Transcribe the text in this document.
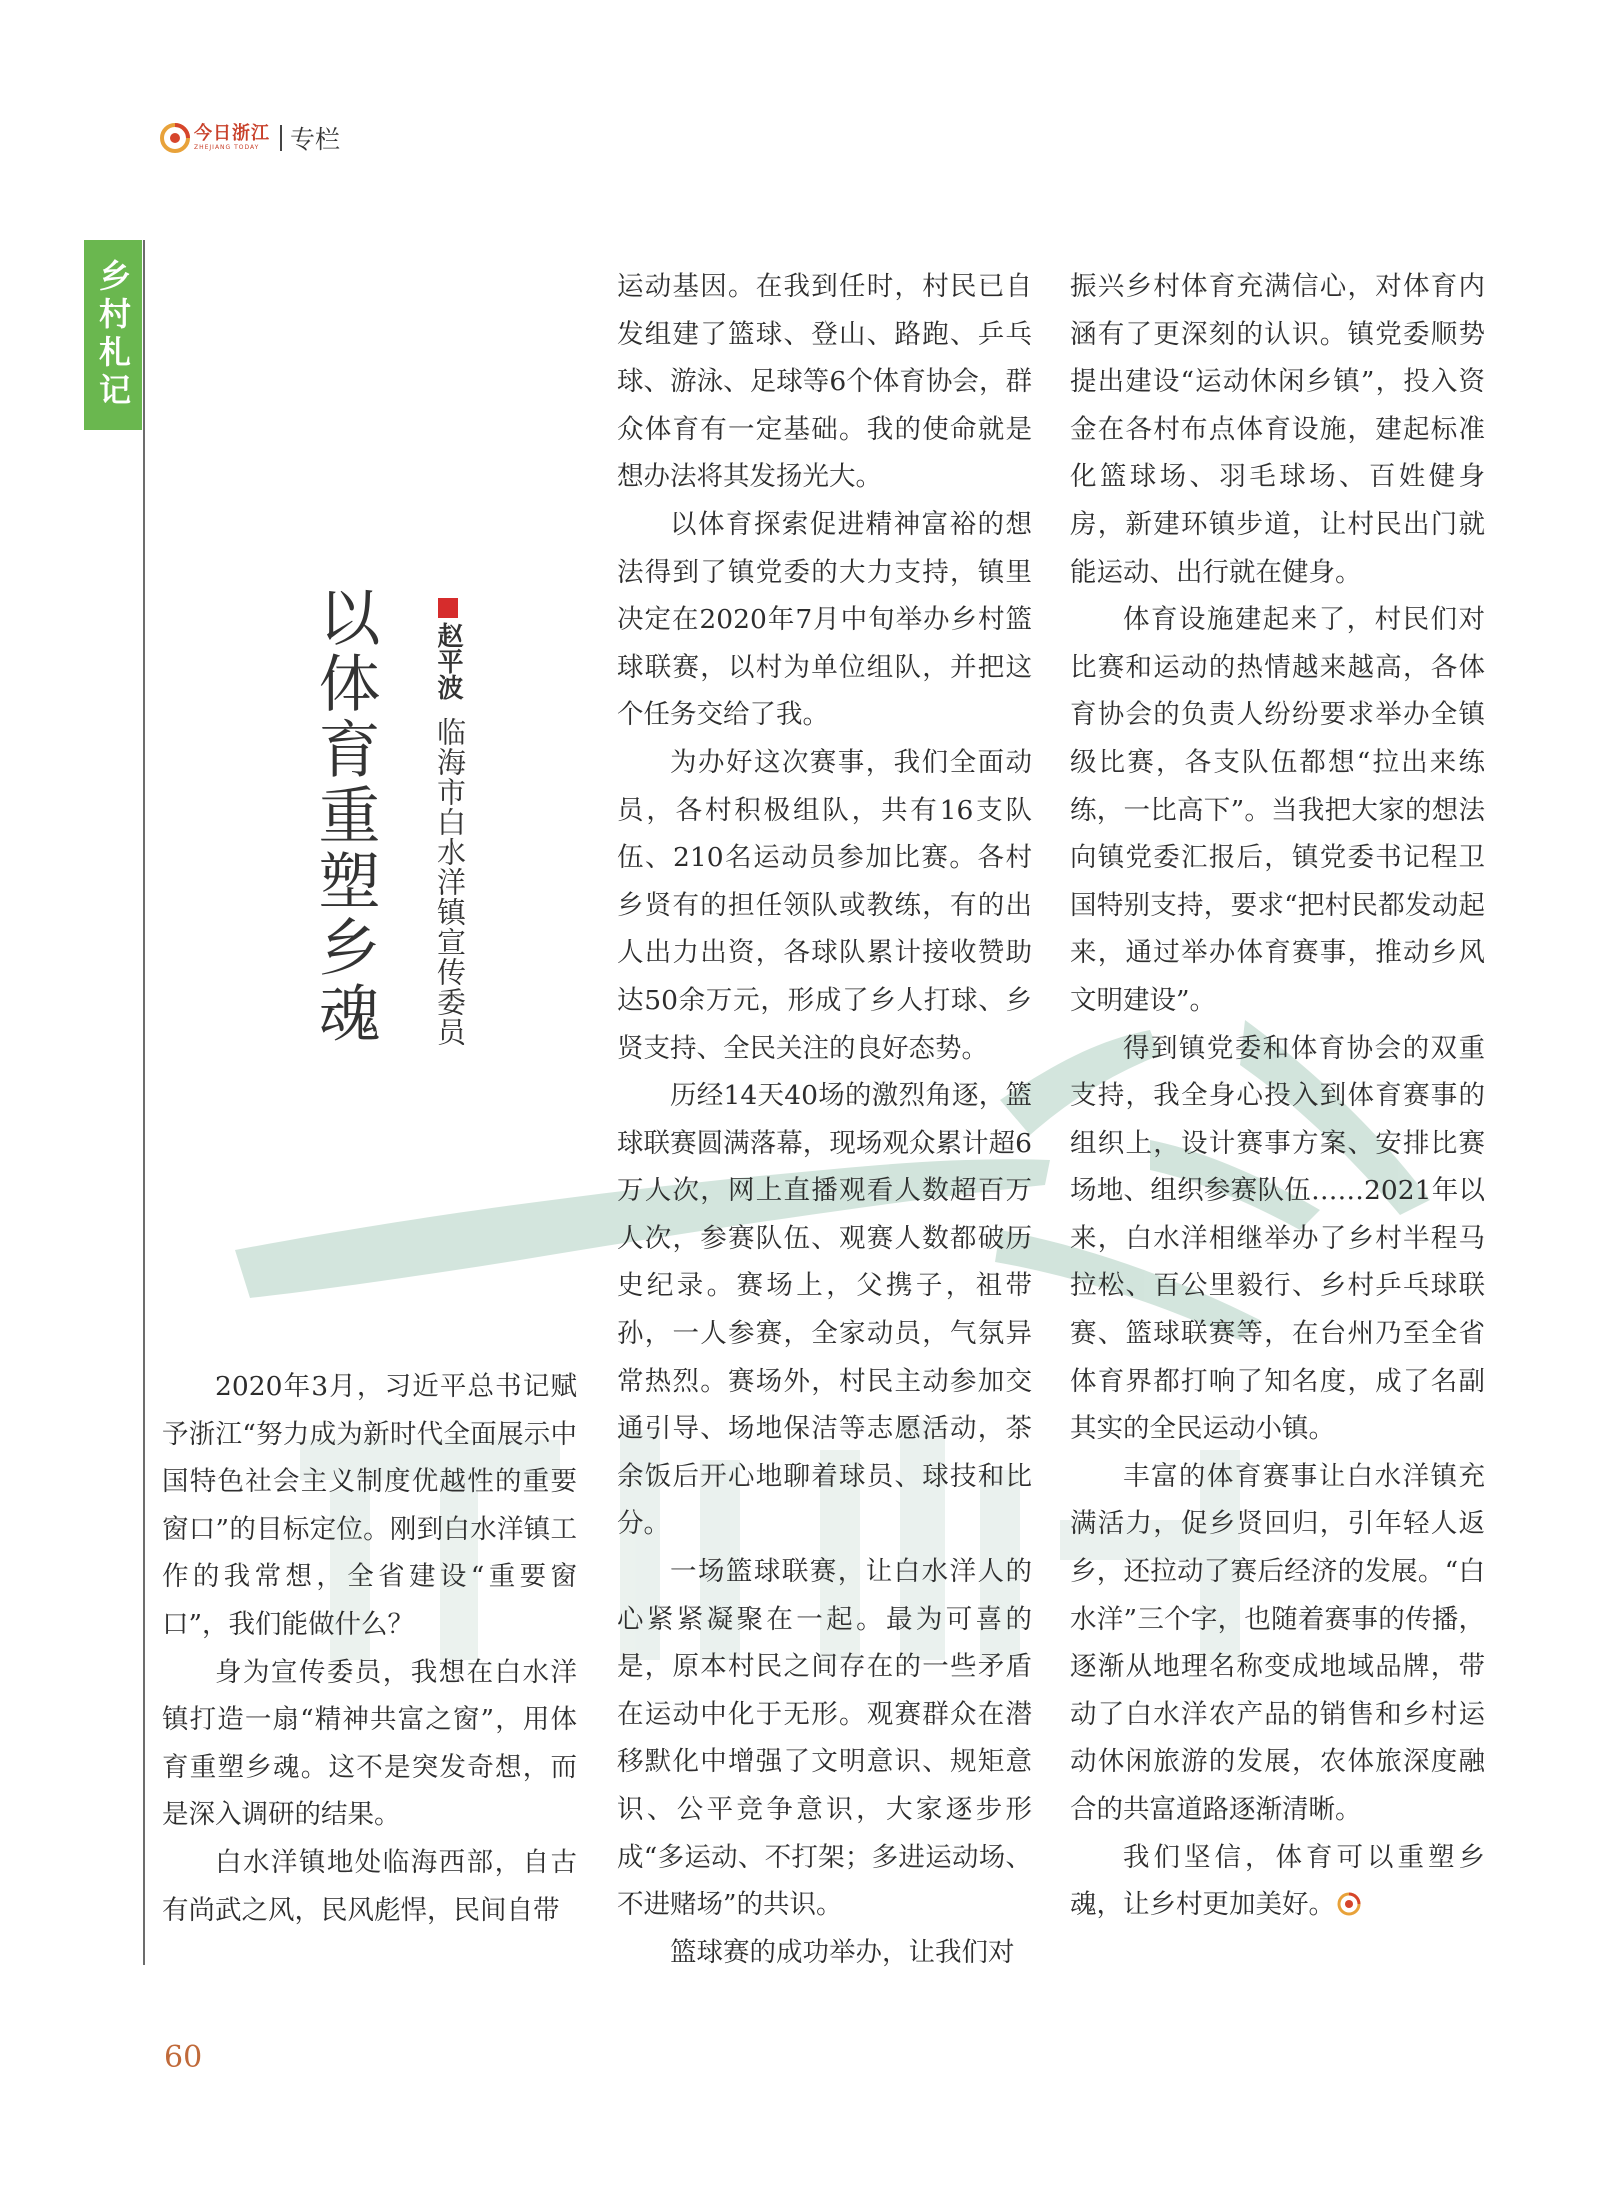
今日浙江
ZHEJIANG TODAY	专栏
乡村札记
以体育重塑乡魂	赵平波
临海市白水洋镇宣传委员

2020年3月，习近平总书记赋予浙江“努力成为新时代全面展示中国特色社会主义制度优越性的重要窗口”的目标定位。刚到白水洋镇工作的我常想，全省建设“重要窗口”，我们能做什么？

身为宣传委员，我想在白水洋镇打造一扇“精神共富之窗”，用体育重塑乡魂。这不是突发奇想，而是深入调研的结果。

白水洋镇地处临海西部，自古有尚武之风，民风彪悍，民间自带

运动基因。在我到任时，村民已自发组建了篮球、登山、路跑、乒乓球、游泳、足球等6个体育协会，群众体育有一定基础。我的使命就是想办法将其发扬光大。

以体育探索促进精神富裕的想法得到了镇党委的大力支持，镇里决定在2020年7月中旬举办乡村篮球联赛，以村为单位组队，并把这个任务交给了我。

为办好这次赛事，我们全面动员，各村积极组队，共有16支队伍、210名运动员参加比赛。各村乡贤有的担任领队或教练，有的出人出力出资，各球队累计接收赞助达50余万元，形成了乡人打球、乡贤支持、全民关注的良好态势。

历经14天40场的激烈角逐，篮球联赛圆满落幕，现场观众累计超6万人次，网上直播观看人数超百万人次，参赛队伍、观赛人数都破历史纪录。赛场上，父携子，祖带孙，一人参赛，全家动员，气氛异常热烈。赛场外，村民主动参加交通引导、场地保洁等志愿活动，茶余饭后开心地聊着球员、球技和比分。

一场篮球联赛，让白水洋人的心紧紧凝聚在一起。最为可喜的是，原本村民之间存在的一些矛盾在运动中化于无形。观赛群众在潜移默化中增强了文明意识、规矩意识、公平竞争意识，大家逐步形成“多运动、不打架；多进运动场、不进赌场”的共识。

篮球赛的成功举办，让我们对

振兴乡村体育充满信心，对体育内涵有了更深刻的认识。镇党委顺势提出建设“运动休闲乡镇”，投入资金在各村布点体育设施，建起标准化篮球场、羽毛球场、百姓健身房，新建环镇步道，让村民出门就能运动、出行就在健身。

体育设施建起来了，村民们对比赛和运动的热情越来越高，各体育协会的负责人纷纷要求举办全镇级比赛，各支队伍都想“拉出来练练，一比高下”。当我把大家的想法向镇党委汇报后，镇党委书记程卫国特别支持，要求“把村民都发动起来，通过举办体育赛事，推动乡风文明建设”。

得到镇党委和体育协会的双重支持，我全身心投入到体育赛事的组织上，设计赛事方案、安排比赛场地、组织参赛队伍……2021年以来，白水洋相继举办了乡村半程马拉松、百公里毅行、乡村乒乓球联赛、篮球联赛等，在台州乃至全省体育界都打响了知名度，成了名副其实的全民运动小镇。

丰富的体育赛事让白水洋镇充满活力，促乡贤回归，引年轻人返乡，还拉动了赛后经济的发展。“白水洋”三个字，也随着赛事的传播，逐渐从地理名称变成地域品牌，带动了白水洋农产品的销售和乡村运动休闲旅游的发展，农体旅深度融合的共富道路逐渐清晰。

我们坚信，体育可以重塑乡魂，让乡村更加美好。

60
